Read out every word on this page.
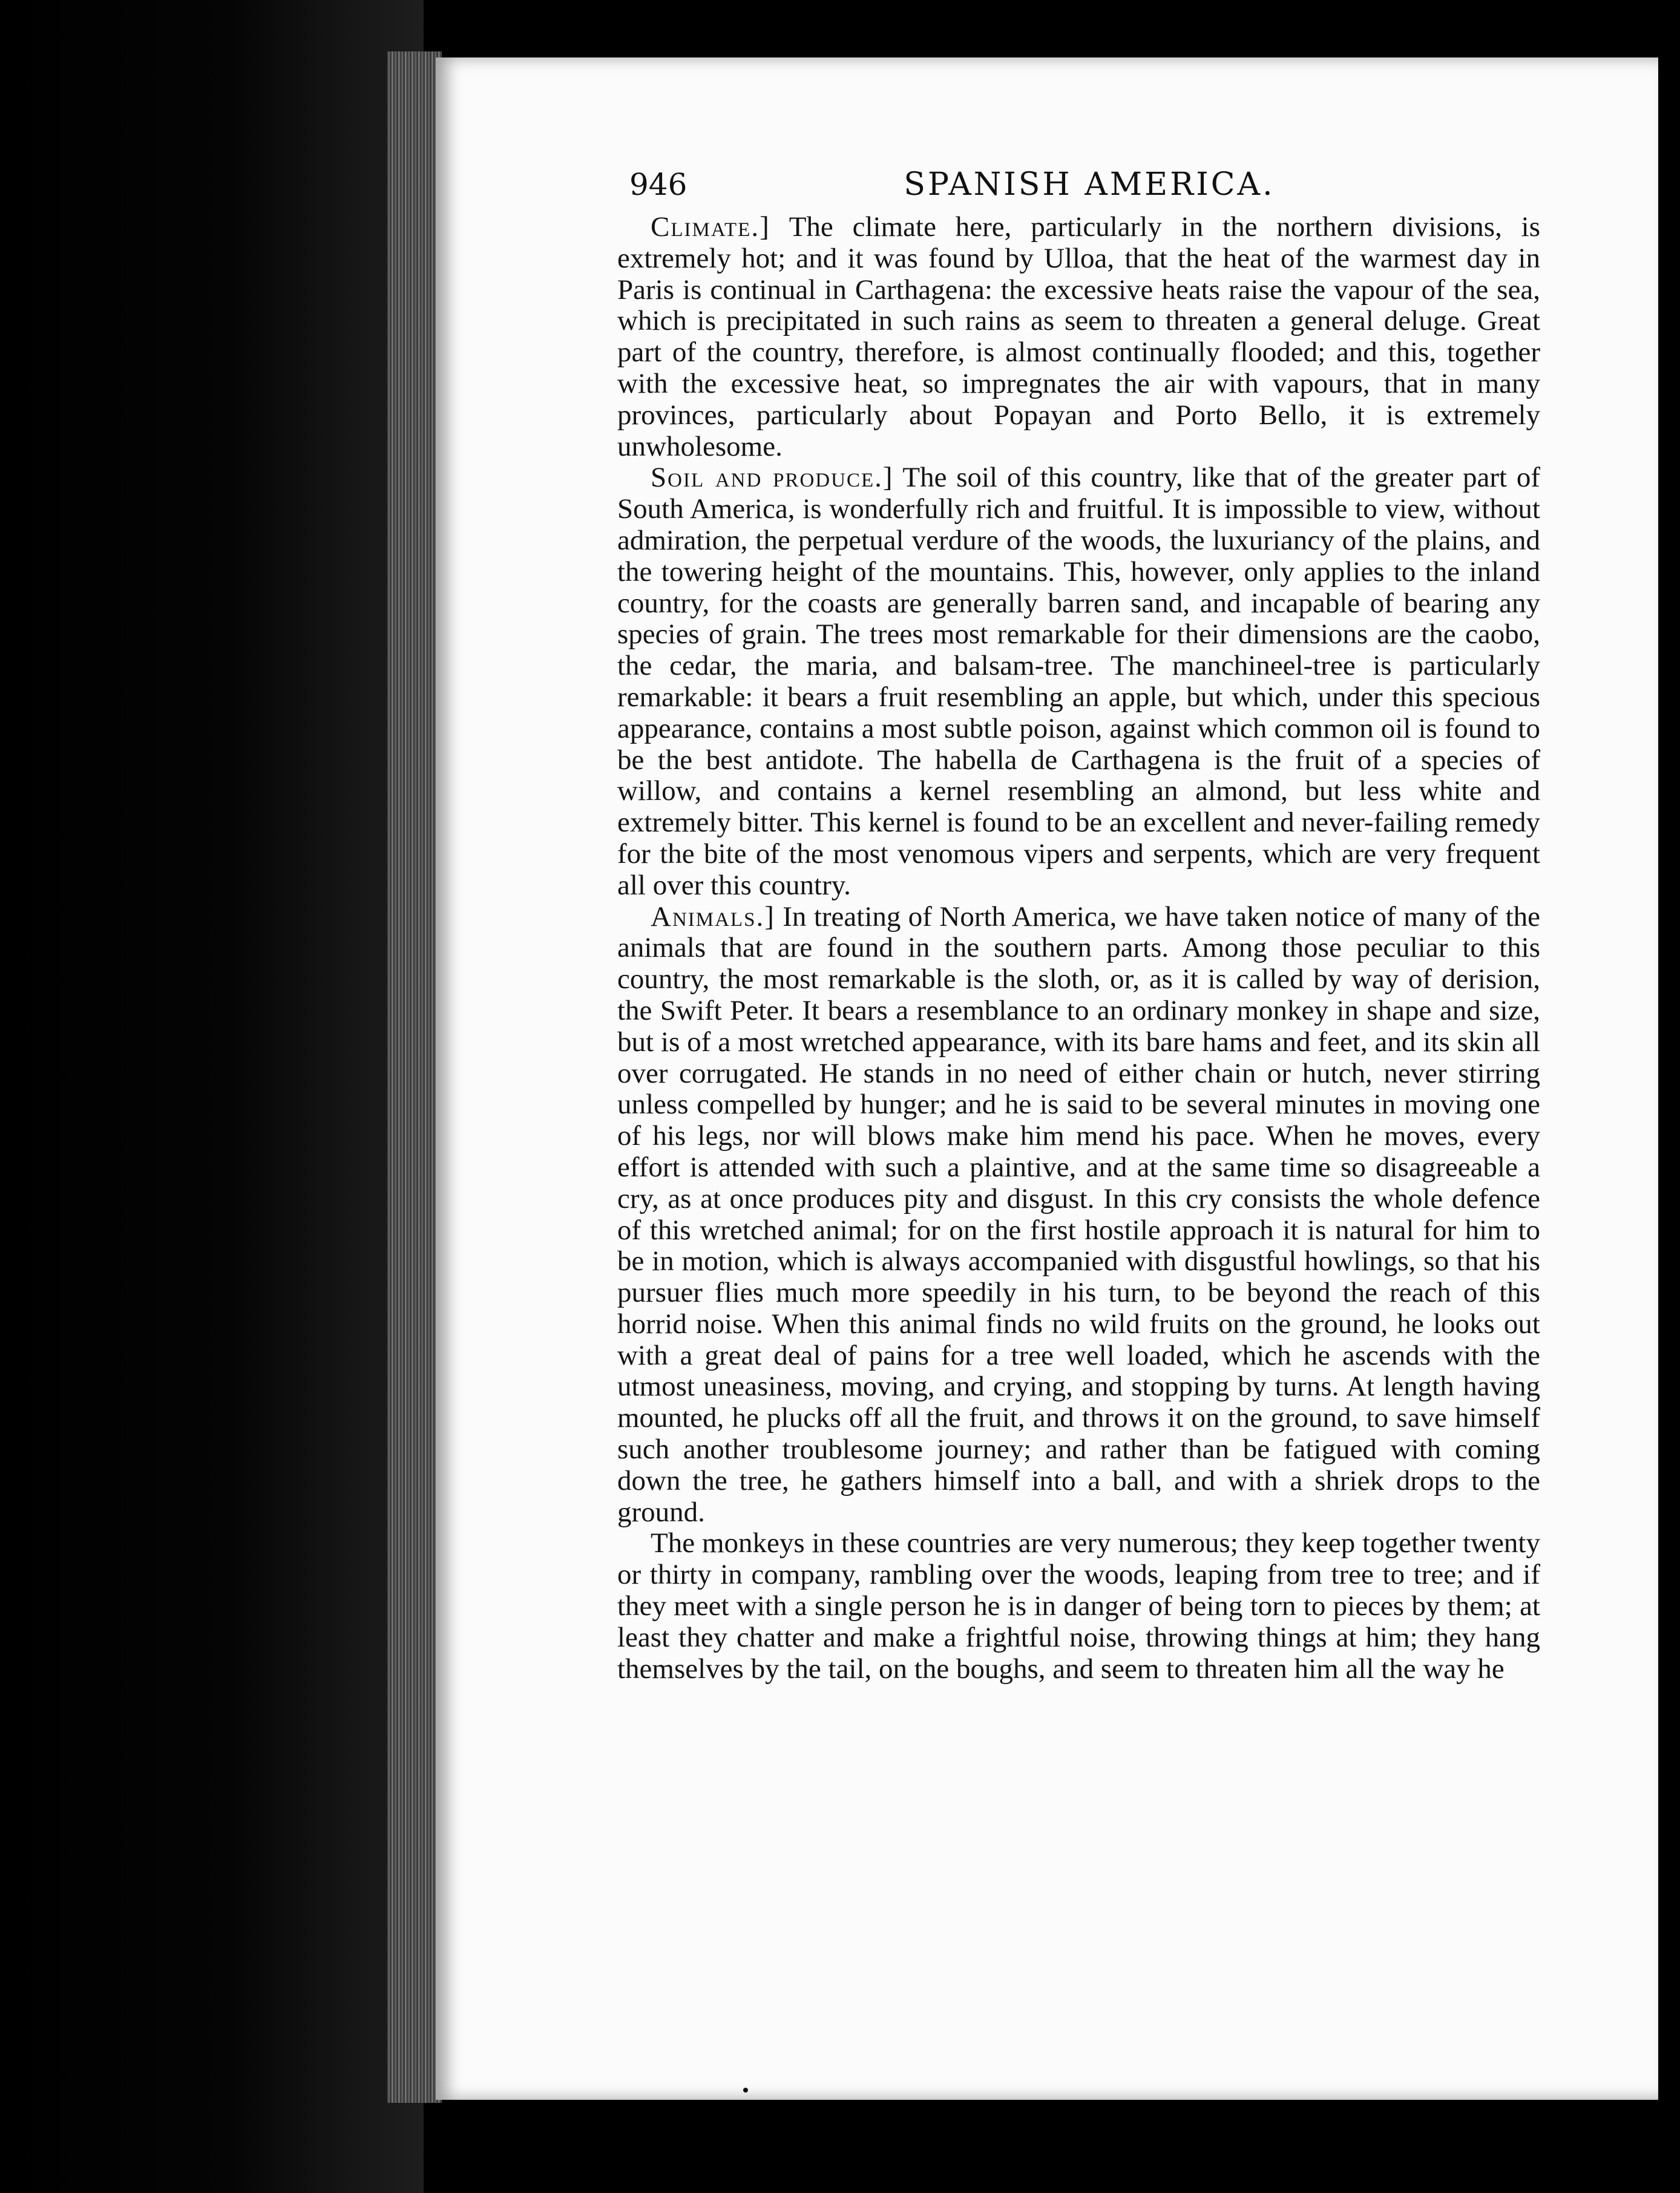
946	SPANISH AMERICA.

Climate.] The climate here, particularly in the northern divisions, is extremely hot; and it was found by Ulloa, that the heat of the warmest day in Paris is continual in Carthagena: the excessive heats raise the vapour of the sea, which is precipitated in such rains as seem to threaten a general deluge. Great part of the country, therefore, is almost continually flooded; and this, together with the excessive heat, so impregnates the air with vapours, that in many provinces, particularly about Popayan and Porto Bello, it is extremely unwholesome.

Soil and produce.] The soil of this country, like that of the greater part of South America, is wonderfully rich and fruitful. It is impossible to view, without admiration, the perpetual verdure of the woods, the luxuriancy of the plains, and the towering height of the mountains. This, however, only applies to the inland country, for the coasts are generally barren sand, and incapable of bearing any species of grain. The trees most remarkable for their dimensions are the caobo, the cedar, the maria, and balsam-tree. The manchineel-tree is particularly remarkable: it bears a fruit resembling an apple, but which, under this specious appearance, contains a most subtle poison, against which common oil is found to be the best antidote. The habella de Carthagena is the fruit of a species of willow, and contains a kernel resembling an almond, but less white and extremely bitter. This kernel is found to be an excellent and never-failing remedy for the bite of the most venomous vipers and serpents, which are very frequent all over this country.

Animals.] In treating of North America, we have taken notice of many of the animals that are found in the southern parts. Among those peculiar to this country, the most remarkable is the sloth, or, as it is called by way of derision, the Swift Peter. It bears a resemblance to an ordinary monkey in shape and size, but is of a most wretched appearance, with its bare hams and feet, and its skin all over corrugated. He stands in no need of either chain or hutch, never stirring unless compelled by hunger; and he is said to be several minutes in moving one of his legs, nor will blows make him mend his pace. When he moves, every effort is attended with such a plaintive, and at the same time so disagreeable a cry, as at once produces pity and disgust. In this cry consists the whole defence of this wretched animal; for on the first hostile approach it is natural for him to be in motion, which is always accompanied with disgustful howlings, so that his pursuer flies much more speedily in his turn, to be beyond the reach of this horrid noise. When this animal finds no wild fruits on the ground, he looks out with a great deal of pains for a tree well loaded, which he ascends with the utmost uneasiness, moving, and crying, and stopping by turns. At length having mounted, he plucks off all the fruit, and throws it on the ground, to save himself such another troublesome journey; and rather than be fatigued with coming down the tree, he gathers himself into a ball, and with a shriek drops to the ground.

The monkeys in these countries are very numerous; they keep together twenty or thirty in company, rambling over the woods, leaping from tree to tree; and if they meet with a single person he is in danger of being torn to pieces by them; at least they chatter and make a frightful noise, throwing things at him; they hang themselves by the tail, on the boughs, and seem to threaten him all the way he
